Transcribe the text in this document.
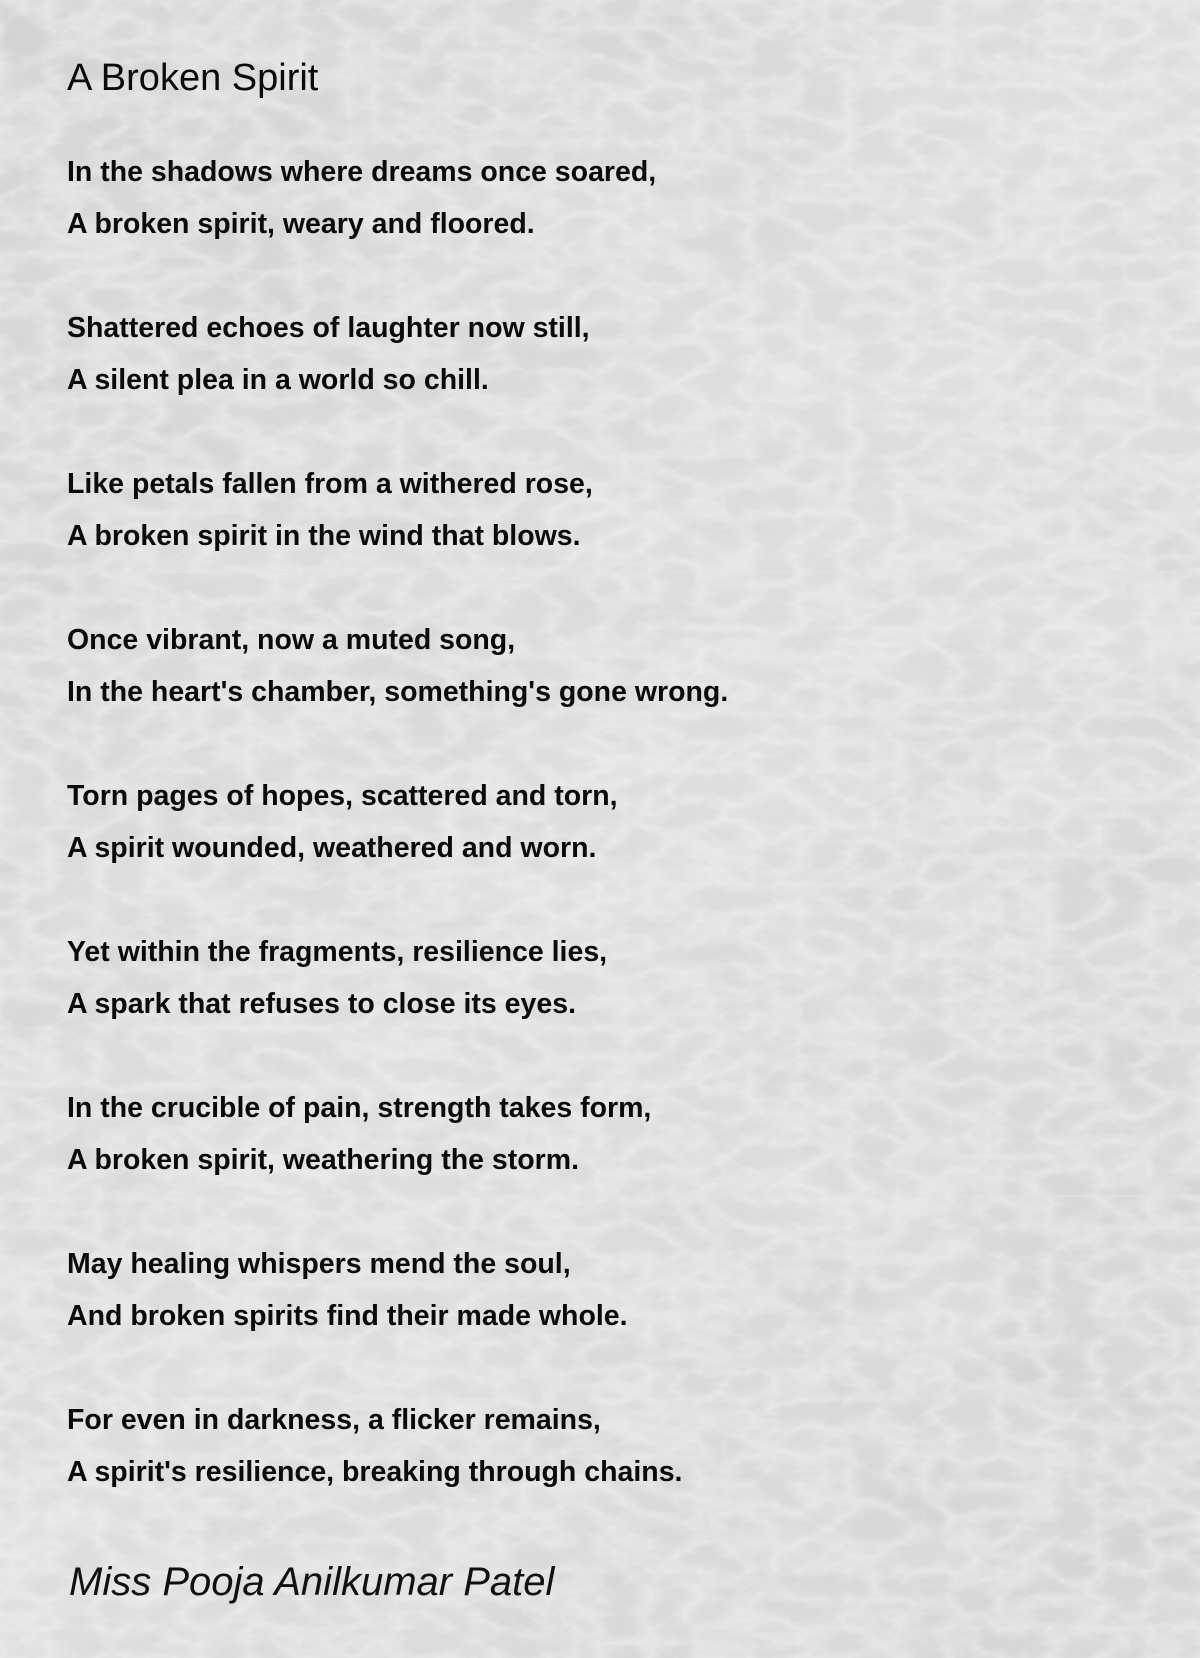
A Broken Spirit
In the shadows where dreams once soared,
A broken spirit, weary and floored.
Shattered echoes of laughter now still,
A silent plea in a world so chill.
Like petals fallen from a withered rose,
A broken spirit in the wind that blows.
Once vibrant, now a muted song,
In the heart's chamber, something's gone wrong.
Torn pages of hopes, scattered and torn,
A spirit wounded, weathered and worn.
Yet within the fragments, resilience lies,
A spark that refuses to close its eyes.
In the crucible of pain, strength takes form,
A broken spirit, weathering the storm.
May healing whispers mend the soul,
And broken spirits find their made whole.
For even in darkness, a flicker remains,
A spirit's resilience, breaking through chains.
Miss Pooja Anilkumar Patel
